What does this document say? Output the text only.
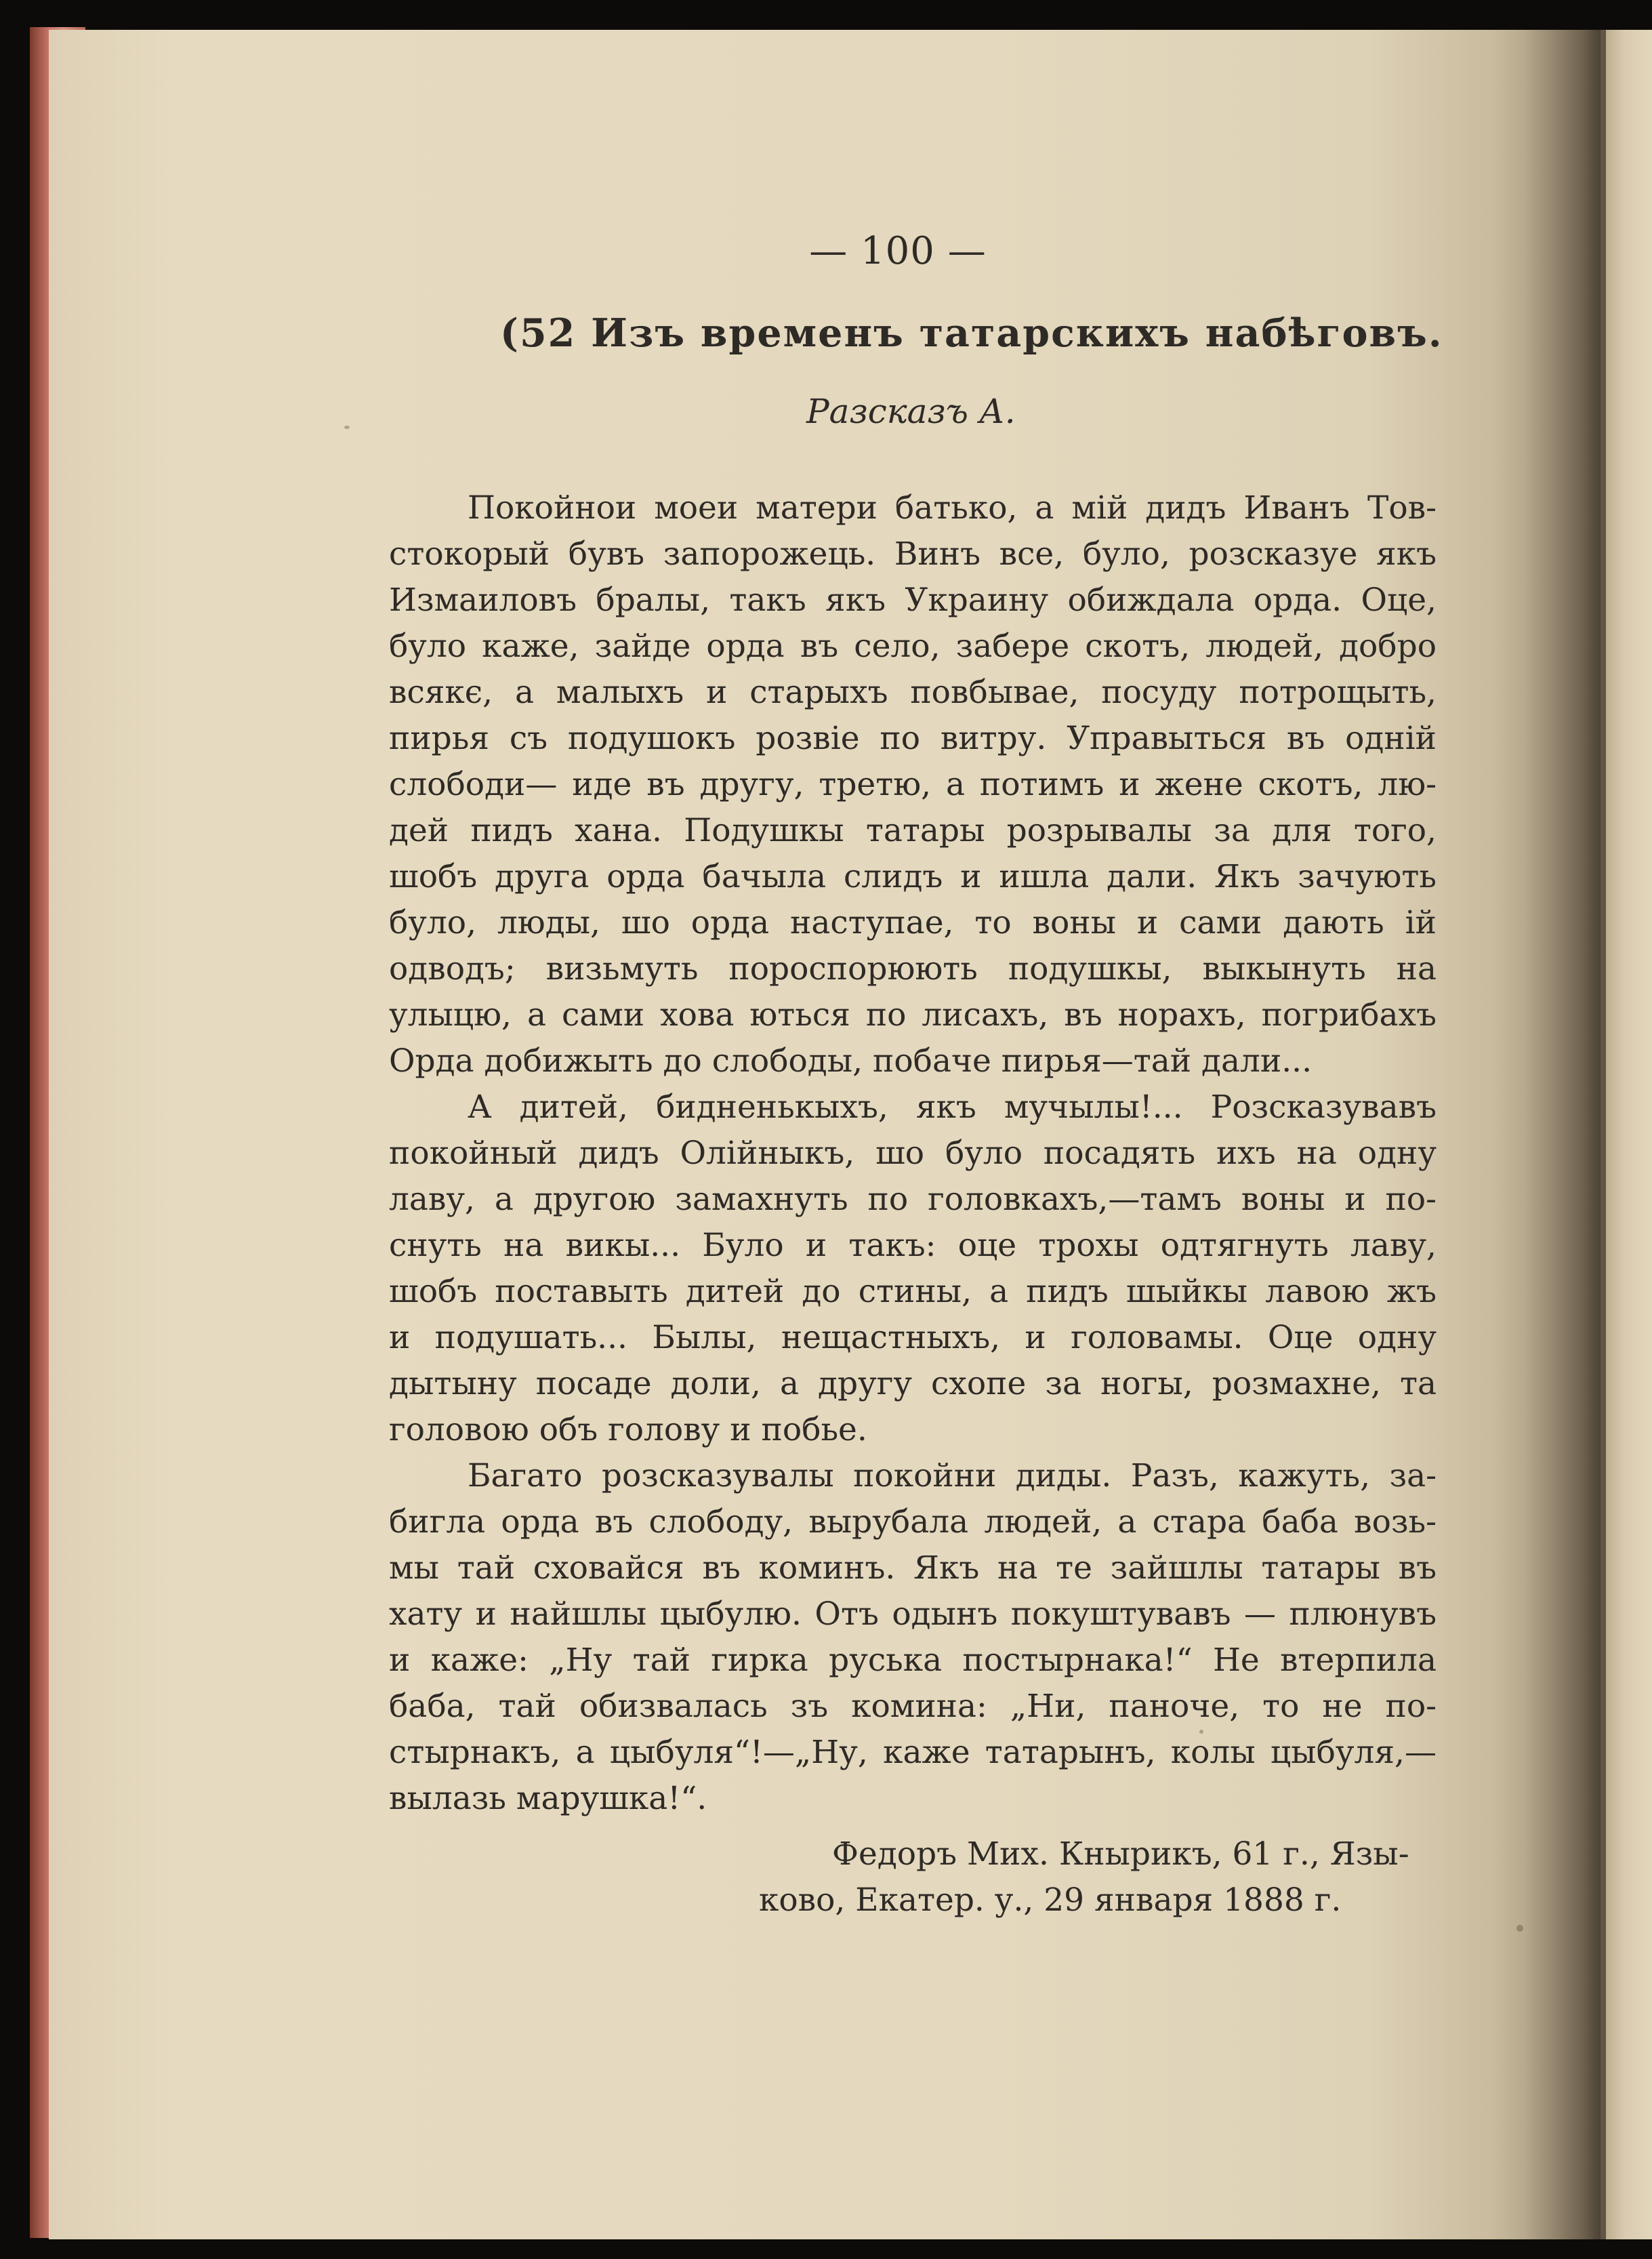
— 100 —
(52 Изъ временъ татарскихъ набѣговъ.
Разсказъ А.
Покойнои моеи матери батько, а мій дидъ Иванъ Тов-
стокорый бувъ запорожець. Винъ все, було, розсказуе якъ
Измаиловъ бралы, такъ якъ Украину обиждала орда. Оце,
було каже, зайде орда въ село, забере скотъ, людей, добро
всякє, а малыхъ и старыхъ повбывае, посуду потрощыть,
пирья съ подушокъ розвіе по витру. Управыться въ одній
слободи— иде въ другу, третю, а потимъ и жене скотъ, лю-
дей пидъ хана. Подушкы татары розрывалы за для того,
шобъ друга орда бачыла слидъ и ишла дали. Якъ зачують
було, люды, шо орда наступае, то воны и сами дають ій
одводъ; визьмуть пороспорюють подушкы, выкынуть на
улыцю, а сами хова ються по лисахъ, въ норахъ, погрибахъ
Орда добижыть до слободы, побаче пирья—тай дали...
А дитей, бидненькыхъ, якъ мучылы!... Розсказувавъ
покойный дидъ Олійныкъ, шо було посадять ихъ на одну
лаву, а другою замахнуть по головкахъ,—тамъ воны и по-
снуть на викы... Було и такъ: оце трохы одтягнуть лаву,
шобъ поставыть дитей до стины, а пидъ шыйкы лавою жъ
и подушать... Былы, нещастныхъ, и головамы. Оце одну
дытыну посаде доли, а другу схопе за ногы, розмахне, та
головою объ голову и побье.
Багато розсказувалы покойни диды. Разъ, кажуть, за-
бигла орда въ слободу, вырубала людей, а стара баба возь-
мы тай сховайся въ коминъ. Якъ на те зайшлы татары въ
хату и найшлы цыбулю. Отъ одынъ покуштувавъ — плюнувъ
и каже: „Ну тай гирка руська постырнака!“ Не втерпила
баба, тай обизвалась зъ комина: „Ни, паноче, то не по-
стырнакъ, а цыбуля“!—„Ну, каже татарынъ, колы цыбуля,—
вылазь марушка!“.
Федоръ Мих. Кнырикъ, 61 г., Язы-
ково, Екатер. у., 29 января 1888 г.
